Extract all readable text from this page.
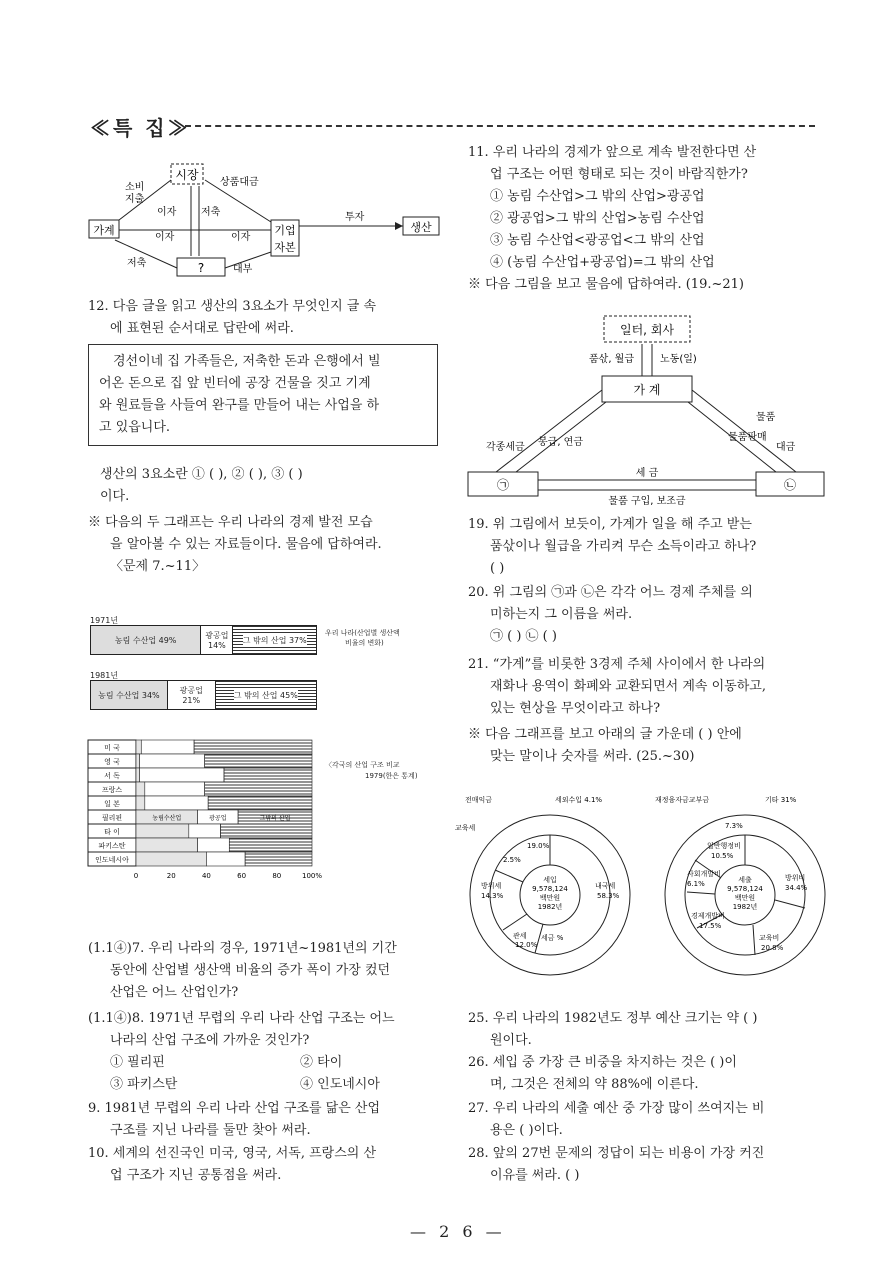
≪특 집≫
시장
가계	기업
자본
생산
?
소비
지출
이자 저축
상품대금
이자	이자
투자
저축
대부

12. 다음 글을 읽고 생산의 3요소가 무엇인지 글 속

에 표현된 순서대로 답란에 써라.

경선이네 집 가족들은, 저축한 돈과 은행에서 빌

어온 돈으로 집 앞 빈터에 공장 건물을 짓고 기계

와 원료들을 사들여 완구를 만들어 내는 사업을 하

고 있읍니다.

생산의 3요소란 ① ( ), ② ( ), ③ ( )

이다.

※ 다음의 두 그래프는 우리 나라의 경제 발전 모습

을 알아볼 수 있는 자료들이다. 물음에 답하여라.

〈문제 7.~11〉

1971년
농림 수산업 49%	광공업
14%
그 밖의 산업 37%
우리 나라(산업별 생산액
비율의 변화)
1981년
농림 수산업 34%	광공업
21%
그 밖의 산업 45%
미 국
영 국
서 독
프랑스
일 본
필리핀
타 이
파키스탄
인도네시아
0	20	40	60	80	100%
농림수산업	광공업	그밖의 산업
〈각국의 산업 구조 비교
1979(한은 통계)

(1.1④)7. 우리 나라의 경우, 1971년~1981년의 기간

동안에 산업별 생산액 비율의 증가 폭이 가장 컸던

산업은 어느 산업인가?

(1.1④)8. 1971년 무렵의 우리 나라 산업 구조는 어느

나라의 산업 구조에 가까운 것인가?

① 필리핀	② 타이

③ 파키스탄	④ 인도네시아

9. 1981년 무렵의 우리 나라 산업 구조를 닮은 산업

구조를 지닌 나라를 둘만 찾아 써라.

10. 세계의 선진국인 미국, 영국, 서독, 프랑스의 산

업 구조가 지닌 공통점을 써라.

11. 우리 나라의 경제가 앞으로 계속 발전한다면 산

업 구조는 어떤 형태로 되는 것이 바람직한가?

① 농림 수산업>그 밖의 산업>광공업

② 광공업>그 밖의 산업>농림 수산업

③ 농림 수산업<광공업<그 밖의 산업

④ (농림 수산업+광공업)=그 밖의 산업

※ 다음 그림을 보고 물음에 답하여라. (19.~21)

일터, 회사
품삯, 월급	노동(일)
가 계
㉠	㉡
각종세금 봉급, 연금
물품
물품판매
대금
세 금
물품 구입, 보조금

19. 위 그림에서 보듯이, 가계가 일을 해 주고 받는

품삯이나 월급을 가리켜 무슨 소득이라고 하나?

( )

20. 위 그림의 ㉠과 ㉡은 각각 어느 경제 주체를 의

미하는지 그 이름을 써라.

㉠ ( ) ㉡ ( )

21. “가계”를 비롯한 3경제 주체 사이에서 한 나라의

재화나 용역이 화폐와 교환되면서 계속 이동하고,

있는 현상을 무엇이라고 하나?

※ 다음 그래프를 보고 아래의 글 가운데 ( ) 안에

맞는 말이나 숫자를 써라. (25.~30)

세입
9,578,124
백만원
1982년
전매익금	세외수입 4.1%
교육세
19.0%
2.5%
방위세
14.3%
내국세
58.3%
관세
12.0%
세금 %
세출
9,578,124
백만원
1982년
재정융자금교부금	기타 31%
7.3%
일반행정비
10.5%
사회개발비
6.1%
방위비
34.4%
경제개발비
17.5%
교육비
20.8%

25. 우리 나라의 1982년도 정부 예산 크기는 약 ( )

원이다.

26. 세입 중 가장 큰 비중을 차지하는 것은 ( )이

며, 그것은 전체의 약 88%에 이른다.

27. 우리 나라의 세출 예산 중 가장 많이 쓰여지는 비

용은 ( )이다.

28. 앞의 27번 문제의 정답이 되는 비용이 가장 커진

이유를 써라. ( )

— 2 6 —
